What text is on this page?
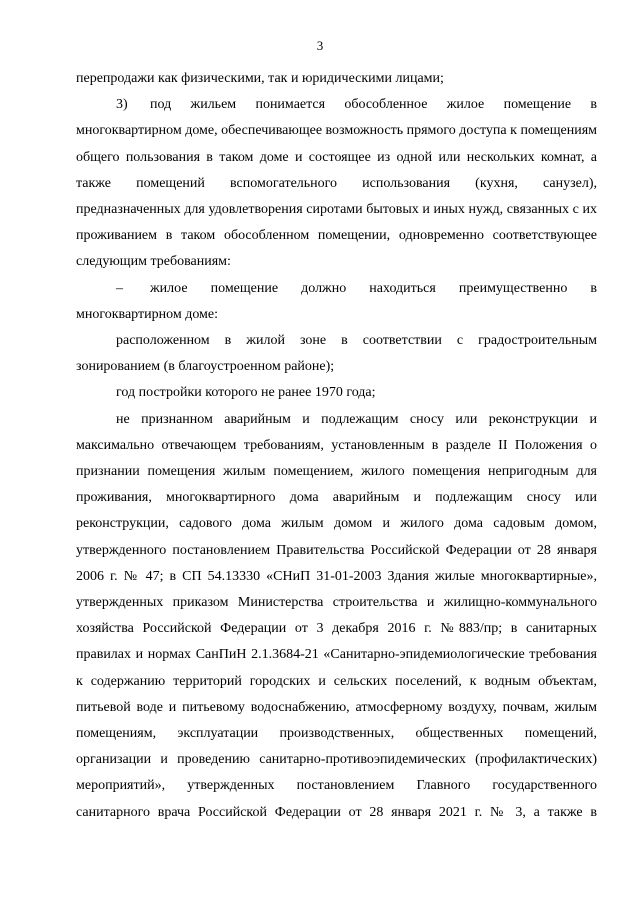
3

перепродажи как физическими, так и юридическими лицами;

3) под жильем понимается обособленное жилое помещение в многоквартирном доме, обеспечивающее возможность прямого доступа к помещениям общего пользования в таком доме и состоящее из одной или нескольких комнат, а также помещений вспомогательного использования (кухня, санузел), предназначенных для удовлетворения сиротами бытовых и иных нужд, связанных с их проживанием в таком обособленном помещении, одновременно соответствующее следующим требованиям:

– жилое помещение должно находиться преимущественно в многоквартирном доме:

расположенном в жилой зоне в соответствии с градостроительным зонированием (в благоустроенном районе);

год постройки которого не ранее 1970 года;

не признанном аварийным и подлежащим сносу или реконструкции и максимально отвечающем требованиям, установленным в разделе II Положения о признании помещения жилым помещением, жилого помещения непригодным для проживания, многоквартирного дома аварийным и подлежащим сносу или реконструкции, садового дома жилым домом и жилого дома садовым домом, утвержденного постановлением Правительства Российской Федерации от 28 января 2006 г. № 47; в СП 54.13330 «СНиП 31-01-2003 Здания жилые многоквартирные», утвержденных приказом Министерства строительства и жилищно-коммунального хозяйства Российской Федерации от 3 декабря 2016 г. №883/пр; в санитарных правилах и нормах СанПиН 2.1.3684-21 «Санитарно-эпидемиологические требования к содержанию территорий городских и сельских поселений, к водным объектам, питьевой воде и питьевому водоснабжению, атмосферному воздуху, почвам, жилым помещениям, эксплуатации производственных, общественных помещений, организации и проведению санитарно-противоэпидемических (профилактических) мероприятий», утвержденных постановлением Главного государственного санитарного врача Российской Федерации от 28 января 2021 г. № 3, а также в
